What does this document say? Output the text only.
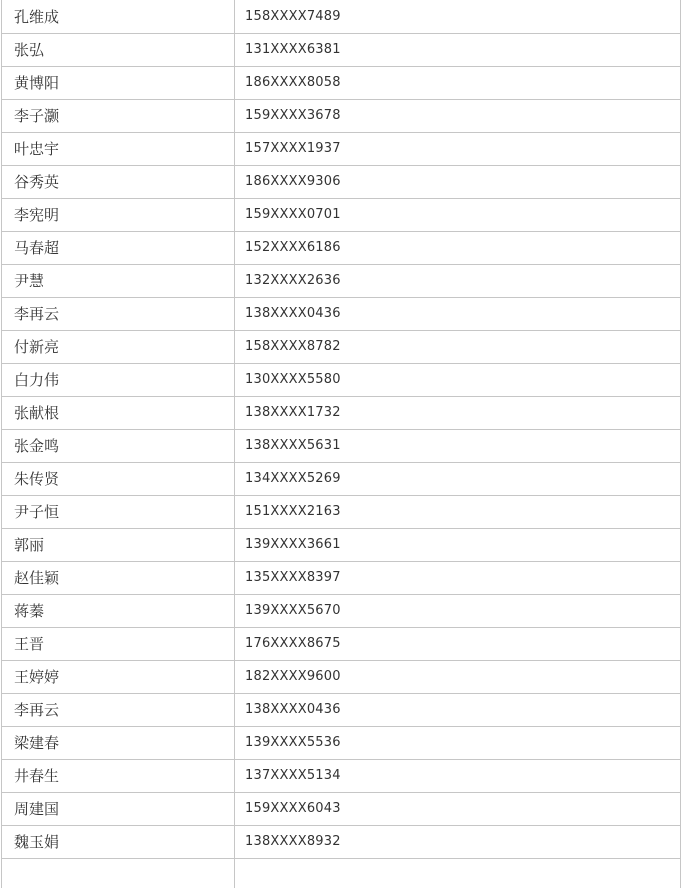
孔维成	158XXXX7489
张弘	131XXXX6381
黄博阳	186XXXX8058
李子灏	159XXXX3678
叶忠宇	157XXXX1937
谷秀英	186XXXX9306
李宪明	159XXXX0701
马春超	152XXXX6186
尹慧	132XXXX2636
李再云	138XXXX0436
付新亮	158XXXX8782
白力伟	130XXXX5580
张献根	138XXXX1732
张金鸣	138XXXX5631
朱传贤	134XXXX5269
尹子恒	151XXXX2163
郭丽	139XXXX3661
赵佳颖	135XXXX8397
蒋蓁	139XXXX5670
王晋	176XXXX8675
王婷婷	182XXXX9600
李再云	138XXXX0436
梁建春	139XXXX5536
井春生	137XXXX5134
周建国	159XXXX6043
魏玉娟	138XXXX8932
